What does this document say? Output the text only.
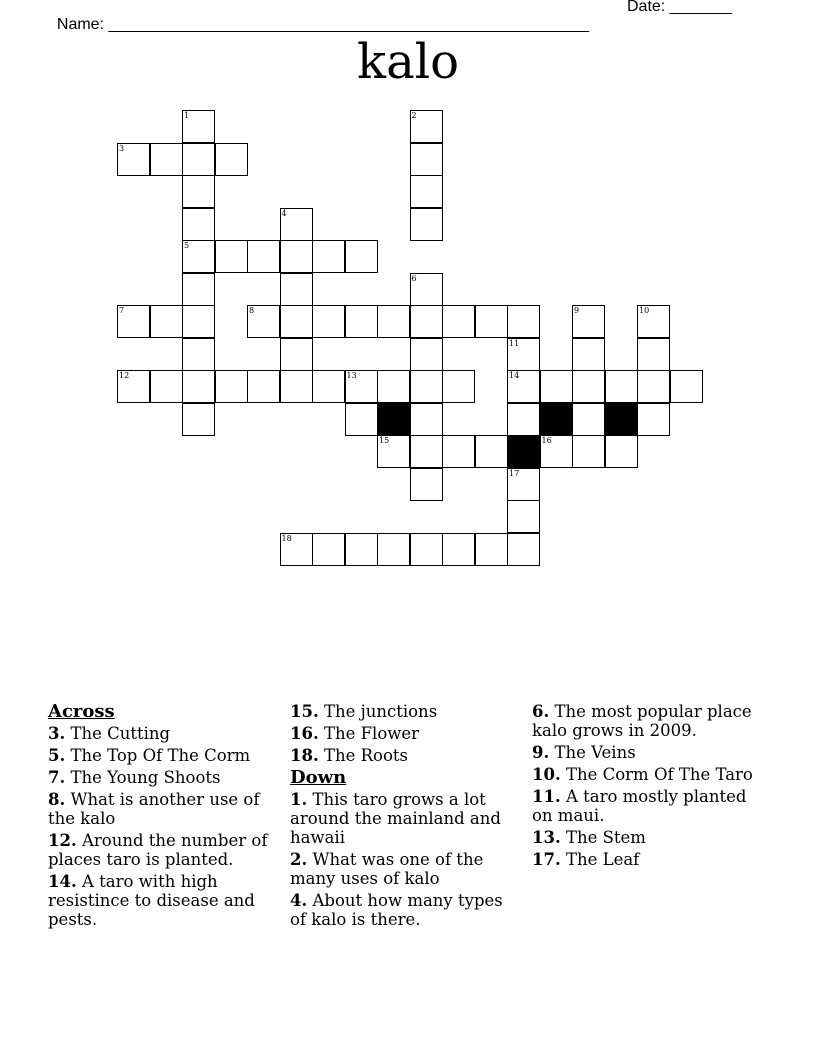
Name: ______________________________________________________

Date: _______

kalo
3
5
7	8
12	13	14
15	16
18
1	2
4
6
9	10
11
17
Across
3. The Cutting
5. The Top Of The Corm
7. The Young Shoots
8. What is another use of the kalo
12. Around the number of places taro is planted.
14. A taro with high resistince to disease and pests.
15. The junctions
16. The Flower
18. The Roots
Down
1. This taro grows a lot around the mainland and hawaii
2. What was one of the many uses of kalo
4. About how many types of kalo is there.
6. The most popular place kalo grows in 2009.
9. The Veins
10. The Corm Of The Taro
11. A taro mostly planted on maui.
13. The Stem
17. The Leaf
